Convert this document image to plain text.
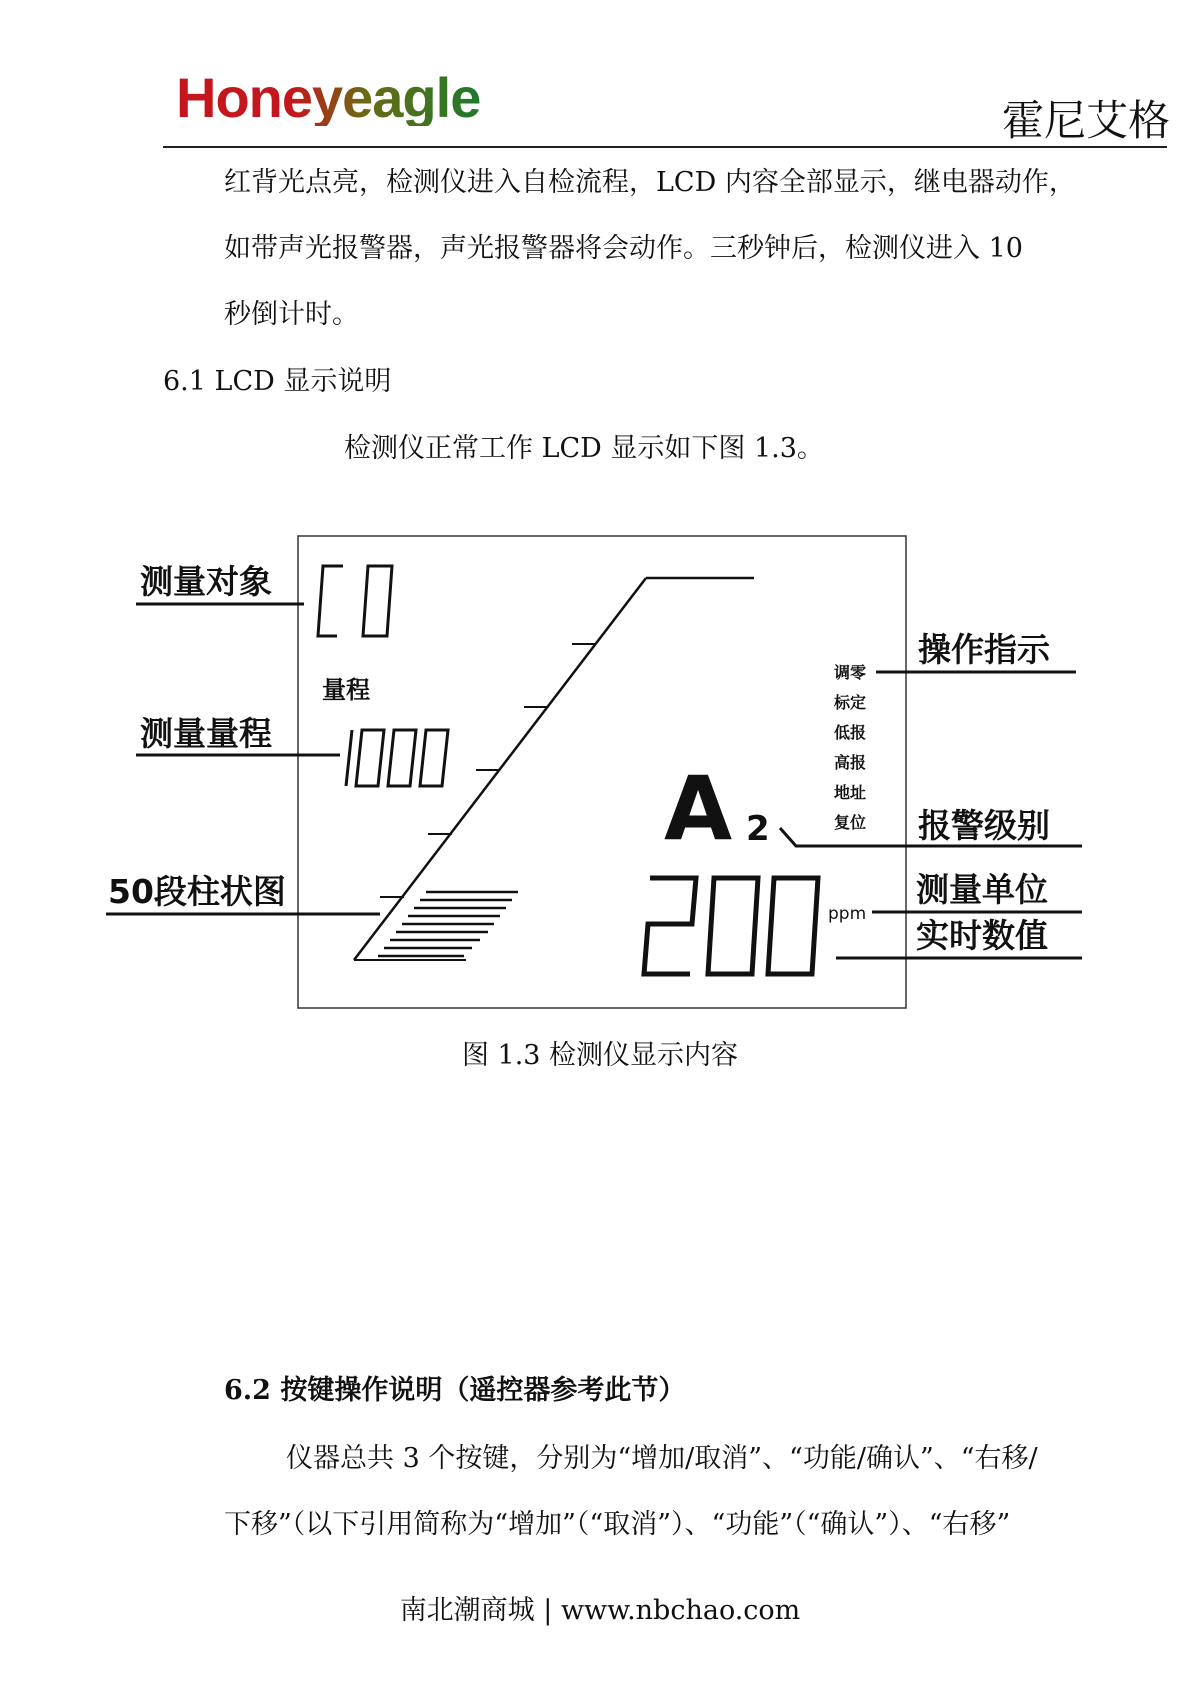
Honeyeagle	霍尼艾格
红背光点亮，检测仪进入自检流程，LCD 内容全部显示，继电器动作，
如带声光报警器，声光报警器将会动作。三秒钟后，检测仪进入 10
秒倒计时。
6.1 LCD 显示说明
检测仪正常工作 LCD 显示如下图 1.3。
测量对象
测量量程
50段柱状图
操作指示
报警级别
测量单位
实时数值
量程
A 2
ppm
调零
标定
低报
高报
地址
复位
图 1.3 检测仪显示内容
6.2 按键操作说明（遥控器参考此节）
仪器总共 3 个按键，分别为“增加/取消”、“功能/确认”、“右移/
下移”（以下引用简称为“增加”（“取消”）、“功能”（“确认”）、“右移”
南北潮商城 | www.nbchao.com
